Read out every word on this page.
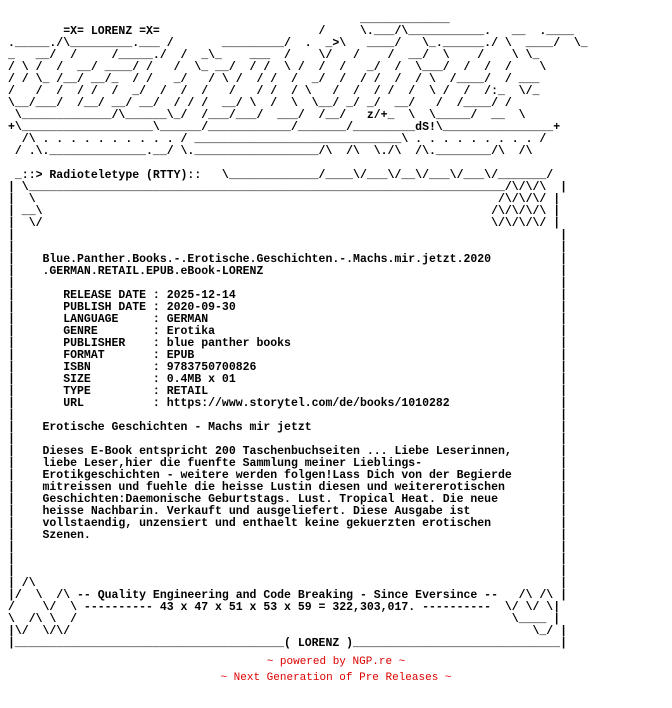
_____________
=X= LORENZ =X=                       /     \.___/\___________.   __  .____
._____./\_________.___ /       _________/  .  _>\   ____/   \_.______./ \  ____/  \_
_   __/  /     /_____./  /  _\_    ___  /    \/   /    /  __/  \    /    \ \_
/ \ /  /  __/ ____/ /   /  \_ __/  / /  \ /  /  /   _/  /  \___/  /  /  /    \
/ / \_ /__/ __/_  / /   _/   / \ /  / /  /  _/  /  / /  /  / \  /____/  / ___
/   /  /  / /  /  _/  /  /  /   /   / /  / \   /  /  / /  /  \ /  /  /:_  \/_
\__/___/  /__/ __/ __/  / / /  __/ \  /  \  \__/ _/ _/  __/   /  /____/ /
\_____________/\______\_/  /___/___/  ___/  /__/   z/+_  \  \_____/  __  \
+\___________________\______/____________/_______/_________dS!\________________+
/\ . . . . . . . . . . / ______________________________\ . . . . . . . . . /
/ .\.______________.__/ \.__________________/\  /\  \./\  /\.________/\  /\

_::> Radioteletype (RTTY)::   \_____________/____\/___\/__\/___\/___\/_______/
| \_____________________________________________________________________/\/\/\  |
|  \                                                                   /\/\/\/ |
| __\                                                                 /\/\/\/\ |
|  \/                                                                 \/\/\/\/ |
|                                                                               |
|                                                                               |
|    Blue.Panther.Books.-.Erotische.Geschichten.-.Machs.mir.jetzt.2020          |
|    .GERMAN.RETAIL.EPUB.eBook-LORENZ                                           |
|                                                                               |
|       RELEASE DATE : 2025-12-14                                               |
|       PUBLISH DATE : 2020-09-30                                               |
|       LANGUAGE     : GERMAN                                                   |
|       GENRE        : Erotika                                                  |
|       PUBLISHER    : blue panther books                                       |
|       FORMAT       : EPUB                                                     |
|       ISBN         : 9783750700826                                            |
|       SIZE         : 0.4MB x 01                                               |
|       TYPE         : RETAIL                                                   |
|       URL          : https://www.storytel.com/de/books/1010282                |
|                                                                               |
|    Erotische Geschichten - Machs mir jetzt                                    |
|                                                                               |
|    Dieses E-Book entspricht 200 Taschenbuchseiten ... Liebe Leserinnen,       |
|    liebe Leser,hier die fuenfte Sammlung meiner Lieblings-                    |
|    Erotikgeschichten - weitere werden folgen!Lass Dich von der Begierde       |
|    mitreissen und fuehle die heisse Lustin diesen und weitererotischen        |
|    Geschichten:Daemonische Geburtstags. Lust. Tropical Heat. Die neue         |
|    heisse Nachbarin. Verkauft und ausgeliefert. Diese Ausgabe ist             |
|    vollstaendig, unzensiert und enthaelt keine gekuerzten erotischen          |
|    Szenen.                                                                    |
|                                                                               |
|                                                                               |
|                                                                               |
| /\                                                                            |
|/  \  /\ -- Quality Engineering and Code Breaking - Since Eversince --   /\ /\ |
/    \/  \ ---------- 43 x 47 x 51 x 53 x 59 = 322,303,017. ----------  \/ \/ \|
\  /\ \  /                                                               \____ |
|\/  \/\/                                                                   \_/ |
|_______________________________________( LORENZ )______________________________|

~ powered by NGP.re ~
~ Next Generation of Pre Releases ~
